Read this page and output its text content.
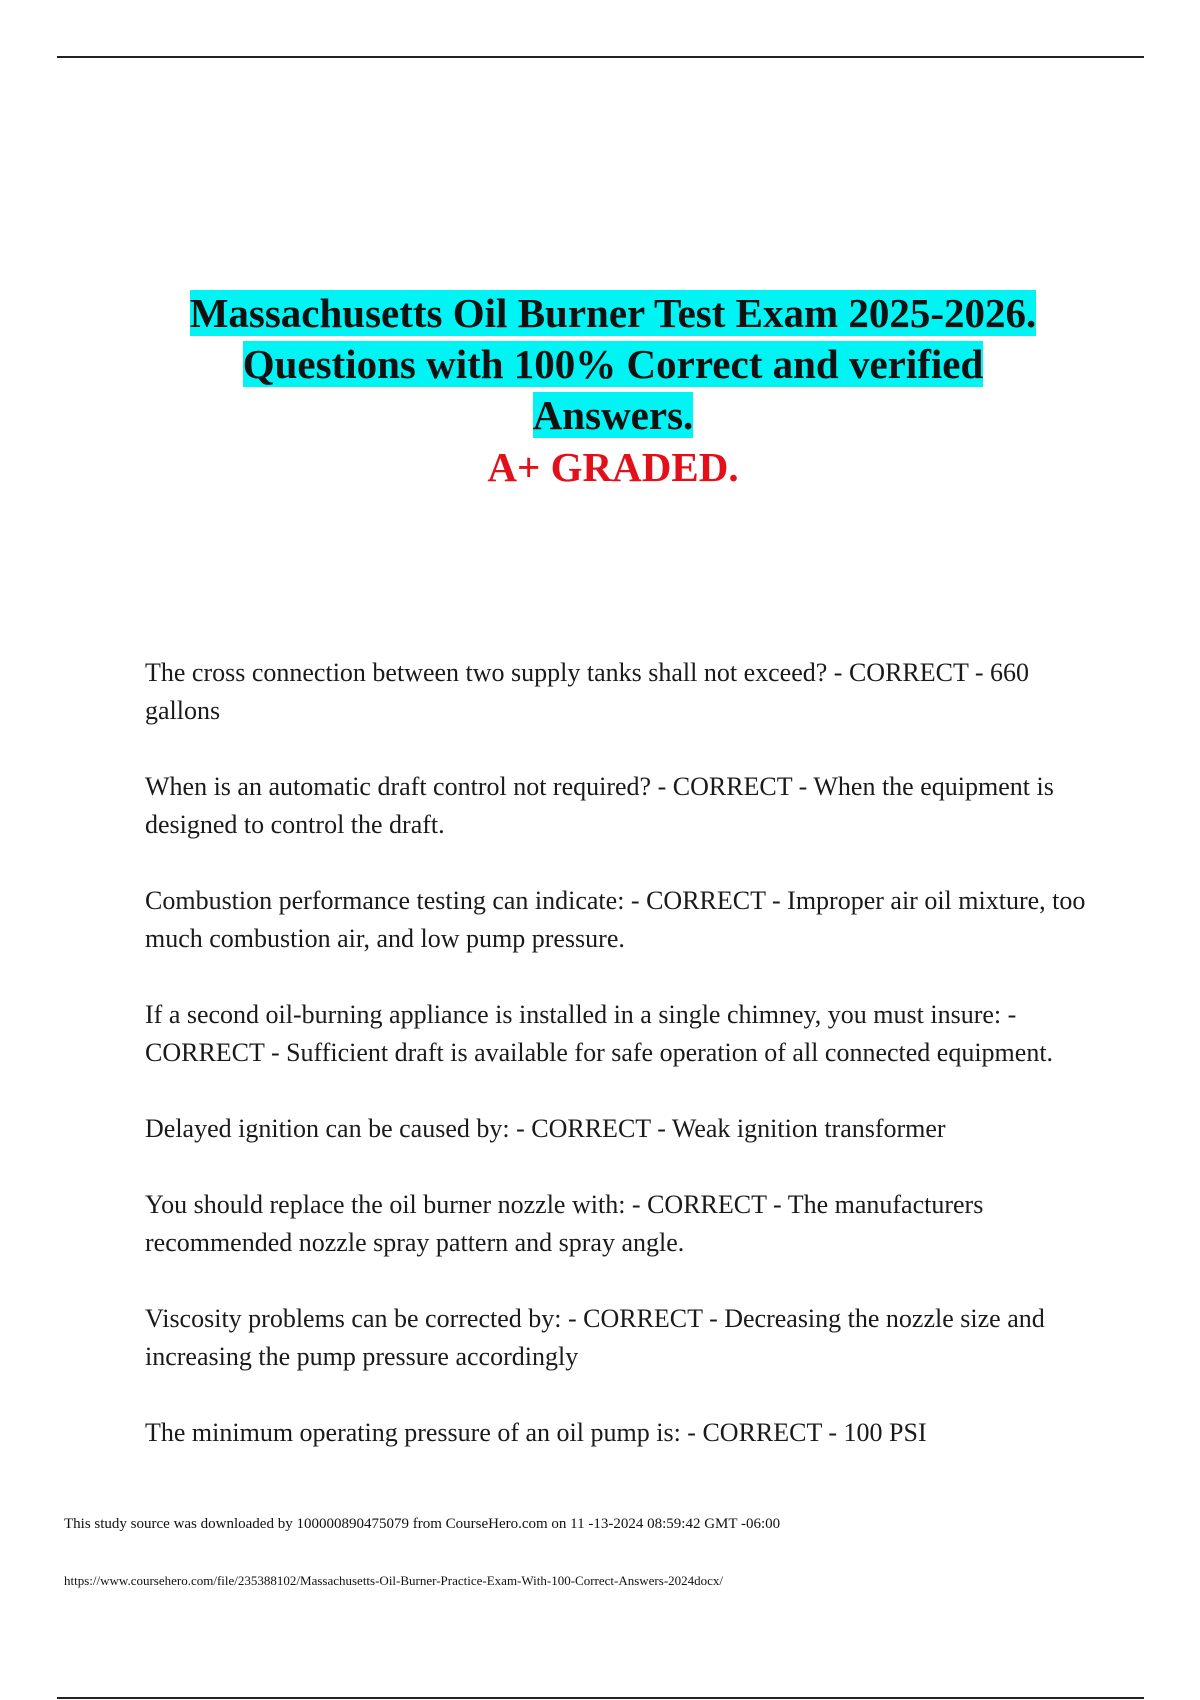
Massachusetts Oil Burner Test Exam 2025-2026.
Questions with 100% Correct and verified
Answers.
A+ GRADED.

The cross connection between two supply tanks shall not exceed? - CORRECT - 660 gallons

When is an automatic draft control not required? - CORRECT - When the equipment is designed to control the draft.

Combustion performance testing can indicate: - CORRECT - Improper air oil mixture, too much combustion air, and low pump pressure.

If a second oil-burning appliance is installed in a single chimney, you must insure: - CORRECT - Sufficient draft is available for safe operation of all connected equipment.

Delayed ignition can be caused by: - CORRECT - Weak ignition transformer

You should replace the oil burner nozzle with: - CORRECT - The manufacturers recommended nozzle spray pattern and spray angle.

Viscosity problems can be corrected by: - CORRECT - Decreasing the nozzle size and increasing the pump pressure accordingly

The minimum operating pressure of an oil pump is: - CORRECT - 100 PSI

This study source was downloaded by 100000890475079 from CourseHero.com on 11 -13-2024 08:59:42 GMT -06:00
https://www.coursehero.com/file/235388102/Massachusetts-Oil-Burner-Practice-Exam-With-100-Correct-Answers-2024docx/
